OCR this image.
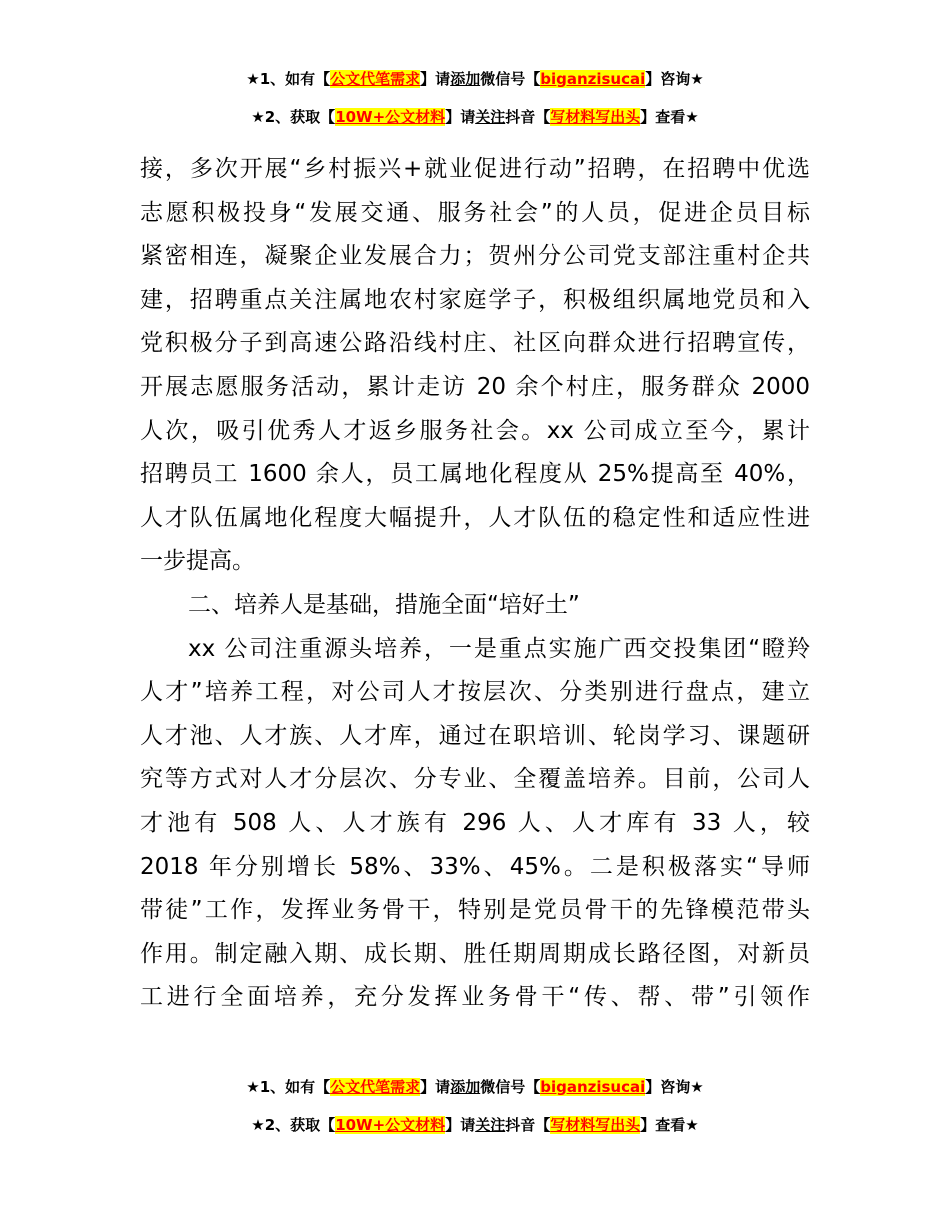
★1、如有【公文代笔需求】请添加微信号【biganzisucai】咨询★
★2、获取【10W+公文材料】请关注抖音【写材料写出头】查看★

接，多次开展“乡村振兴+就业促进行动”招聘，在招聘中优选
志愿积极投身“发展交通、服务社会”的人员，促进企员目标
紧密相连，凝聚企业发展合力；贺州分公司党支部注重村企共
建，招聘重点关注属地农村家庭学子，积极组织属地党员和入
党积极分子到高速公路沿线村庄、社区向群众进行招聘宣传，
开展志愿服务活动，累计走访 20 余个村庄，服务群众 2000
人次，吸引优秀人才返乡服务社会。xx 公司成立至今，累计
招聘员工 1600 余人，员工属地化程度从 25%提高至 40%，
人才队伍属地化程度大幅提升，人才队伍的稳定性和适应性进
一步提高。

二、培养人是基础，措施全面“培好土”

xx 公司注重源头培养，一是重点实施广西交投集团“瞪羚
人才”培养工程，对公司人才按层次、分类别进行盘点，建立
人才池、人才族、人才库，通过在职培训、轮岗学习、课题研
究等方式对人才分层次、分专业、全覆盖培养。目前，公司人
才池有 508 人、人才族有 296 人、人才库有 33 人，较
2018 年分别增长 58%、33%、45%。二是积极落实“导师
带徒”工作，发挥业务骨干，特别是党员骨干的先锋模范带头
作用。制定融入期、成长期、胜任期周期成长路径图，对新员
工进行全面培养，充分发挥业务骨干“传、帮、带”引领作

★1、如有【公文代笔需求】请添加微信号【biganzisucai】咨询★
★2、获取【10W+公文材料】请关注抖音【写材料写出头】查看★
